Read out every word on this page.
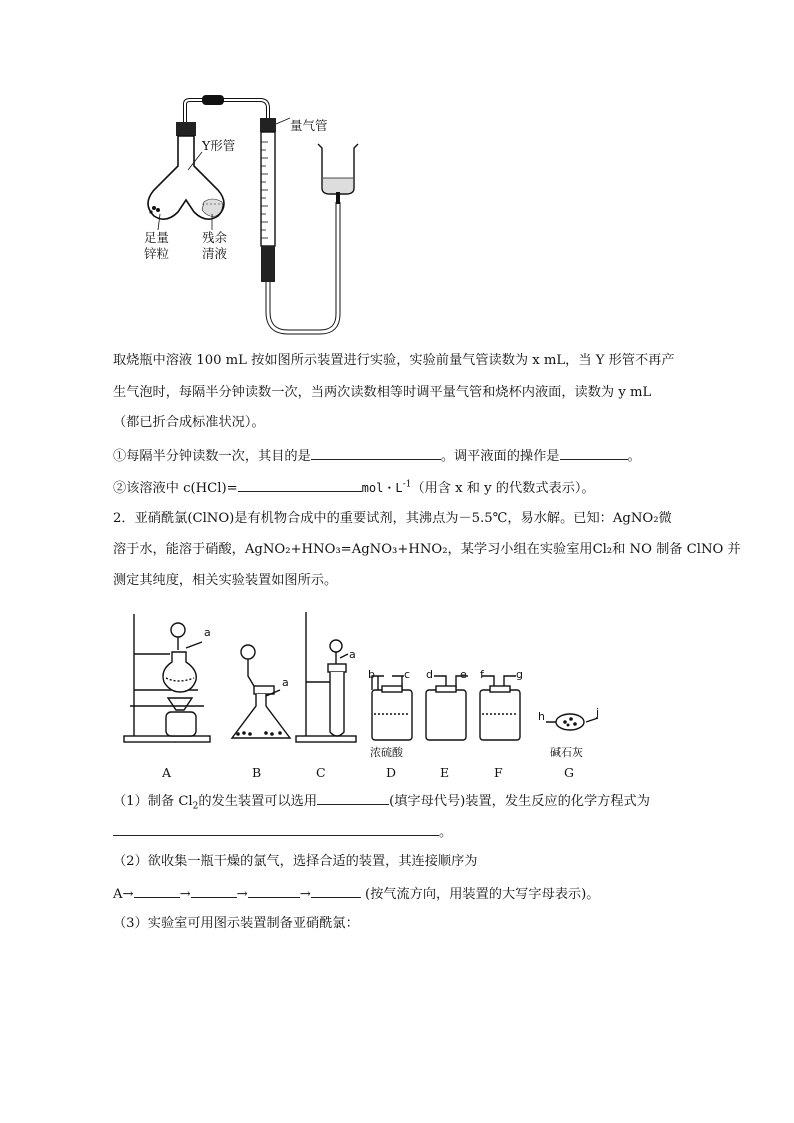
Y形管
量气管
足量
锌粒
残余
清液
取烧瓶中溶液 100 mL 按如图所示装置进行实验，实验前量气管读数为 x mL，当 Y 形管不再产
生气泡时，每隔半分钟读数一次，当两次读数相等时调平量气管和烧杯内液面，读数为 y mL
（都已折合成标准状况）。
①每隔半分钟读数一次，其目的是	。调平液面的操作是	。
②该溶液中 c(HCl)=	mol・$L^{-1}$（用含 x 和 y 的代数式表示）。
2．亚硝酰氯(ClNO)是有机物合成中的重要试剂，其沸点为－5.5℃，易水解。已知：AgNO₂微
溶于水，能溶于硝酸，AgNO₂+HNO₃=AgNO₃+HNO₂，某学习小组在实验室用Cl₂和 NO 制备 ClNO 并
测定其纯度，相关实验装置如图所示。
a
a
a
b	c d e f	g
h	j
浓硫酸	碱石灰
A	B	C	D	E	F	G
（1）制备 $Cl_2$的发生装置可以选用	(填字母代号)装置，发生反应的化学方程式为
。
（2）欲收集一瓶干燥的氯气，选择合适的装置，其连接顺序为
A→	→	→	→	(按气流方向，用装置的大写字母表示)。
（3）实验室可用图示装置制备亚硝酰氯：
